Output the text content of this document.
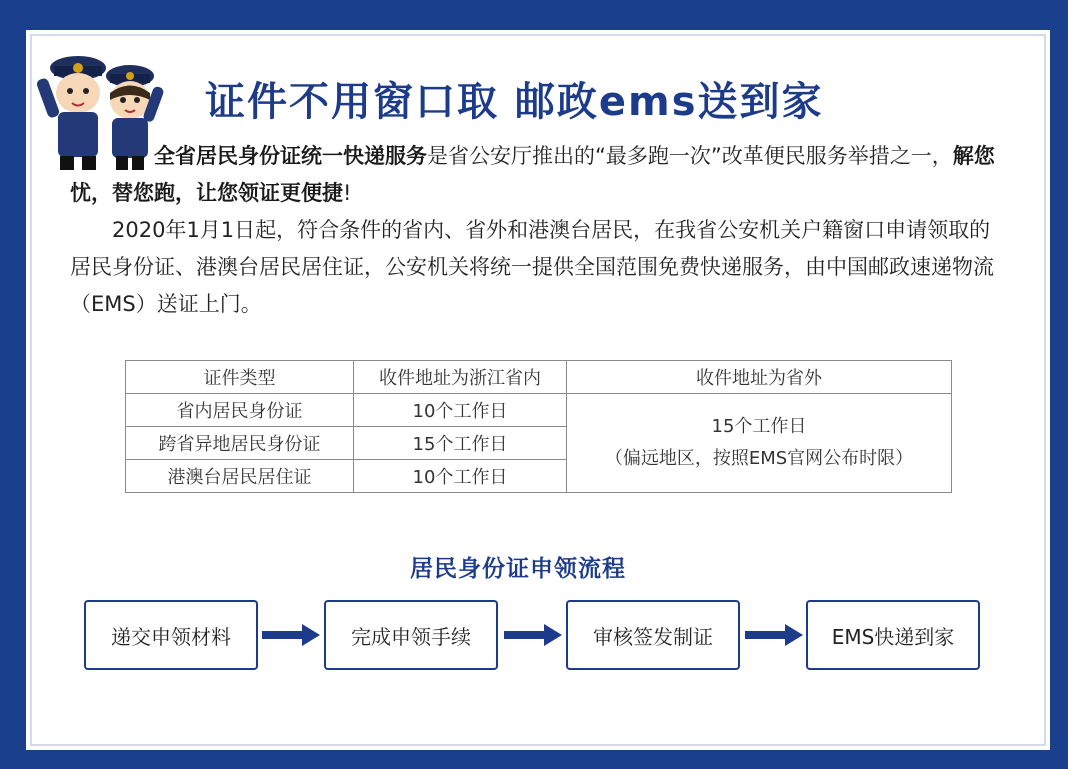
证件不用窗口取 邮政ems送到家
全省居民身份证统一快递服务是省公安厅推出的“最多跑一次”改革便民服务举措之一，解您忧，替您跑，让您领证更便捷!
2020年1月1日起，符合条件的省内、省外和港澳台居民，在我省公安机关户籍窗口申请领取的居民身份证、港澳台居民居住证，公安机关将统一提供全国范围免费快递服务，由中国邮政速递物流（EMS）送证上门。
证件类型	收件地址为浙江省内	收件地址为省外
省内居民身份证	10个工作日	15个工作日
（偏远地区，按照EMS官网公布时限）

跨省异地居民身份证	15个工作日	
港澳台居民居住证	10个工作日	
居民身份证申领流程
递交申领材料	完成申领手续	审核签发制证	EMS快递到家
